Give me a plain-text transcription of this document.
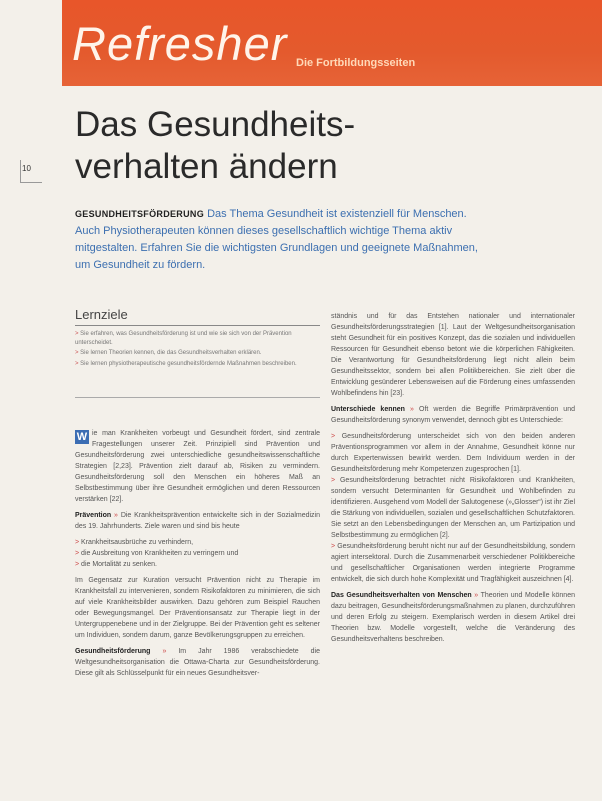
Refresher Die Fortbildungsseiten
10
Das Gesundheits-
verhalten ändern
GESUNDHEITSFÖRDERUNG Das Thema Gesundheit ist existenziell für Menschen. Auch Physiotherapeuten können dieses gesellschaftlich wichtige Thema aktiv mitgestalten. Erfahren Sie die wichtigsten Grundlagen und geeignete Maßnahmen, um Gesundheit zu fördern.
Lernziele
> Sie erfahren, was Gesundheitsförderung ist und wie sie sich von der Prävention unterscheidet.
> Sie lernen Theorien kennen, die das Gesundheitsverhalten erklären.
> Sie lernen physiotherapeutische gesundheitsfördernde Maßnahmen beschreiben.

W ie man Krankheiten vorbeugt und Gesundheit fördert, sind zentrale Fragestellungen unserer Zeit. Prinzipiell sind Prävention und Gesundheitsförderung zwei unterschiedliche gesundheitswissenschaftliche Strategien [2,23]. Prävention zielt darauf ab, Risiken zu vermindern. Gesundheitsförderung soll den Menschen ein höheres Maß an Selbstbestimmung über ihre Gesundheit ermöglichen und deren Ressourcen verstärken [22].

Prävention » Die Krankheitsprävention entwickelte sich in der Sozialmedizin des 19. Jahrhunderts. Ziele waren und sind bis heute

> Krankheitsausbrüche zu verhindern,
> die Ausbreitung von Krankheiten zu verringern und
> die Mortalität zu senken.

Im Gegensatz zur Kuration versucht Prävention nicht zu Therapie im Krankheitsfall zu intervenieren, sondern Risikofaktoren zu minimieren, die sich auf viele Krankheitsbilder auswirken. Dazu gehören zum Beispiel Rauchen oder Bewegungsmangel. Der Präventionsansatz zur Therapie liegt in der Untergruppenebene und in der Zielgruppe. Bei der Prävention geht es seltener um Individuen, sondern darum, ganze Bevölkerungsgruppen zu erreichen.

Gesundheitsförderung » Im Jahr 1986 verabschiedete die Weltgesundheitsorganisation die Ottawa-Charta zur Gesundheitsförderung. Diese gilt als Schlüsselpunkt für ein neues Gesundheitsver-

ständnis und für das Entstehen nationaler und internationaler Gesundheitsförderungsstrategien [1]. Laut der Weltgesundheitsorganisation steht Gesundheit für ein positives Konzept, das die sozialen und individuellen Ressourcen für Gesundheit ebenso betont wie die körperlichen Fähigkeiten. Die Verantwortung für Gesundheitsförderung liegt nicht allein beim Gesundheitssektor, sondern bei allen Politikbereichen. Sie zielt über die Entwicklung gesünderer Lebensweisen auf die Förderung eines umfassenden Wohlbefindens hin [23].

Unterschiede kennen » Oft werden die Begriffe Primärprävention und Gesundheitsförderung synonym verwendet, dennoch gibt es Unterschiede:

> Gesundheitsförderung unterscheidet sich von den beiden anderen Präventionsprogrammen vor allem in der Annahme, Gesundheit könne nur durch Expertenwissen bewirkt werden. Dem Individuum werden in der Gesundheitsförderung mehr Kompetenzen zugesprochen [1].
> Gesundheitsförderung betrachtet nicht Risikofaktoren und Krankheiten, sondern versucht Determinanten für Gesundheit und Wohlbefinden zu identifizieren. Ausgehend vom Modell der Salutogenese (»„Glosser“) ist ihr Ziel die Stärkung von individuellen, sozialen und gesellschaftlichen Schutzfaktoren. Sie setzt an den Lebensbedingungen der Menschen an, um Partizipation und Selbstbestimmung zu ermöglichen [2].
> Gesundheitsförderung beruht nicht nur auf der Gesundheitsbildung, sondern agiert intersektoral. Durch die Zusammenarbeit verschiedener Politikbereiche und gesellschaftlicher Organisationen werden integrierte Programme entwickelt, die sich durch hohe Komplexität und Tragfähigkeit auszeichnen [4].

Das Gesundheitsverhalten von Menschen » Theorien und Modelle können dazu beitragen, Gesundheitsförderungsmaßnahmen zu planen, durchzuführen und deren Erfolg zu steigern. Exemplarisch werden in diesem Artikel drei Theorien bzw. Modelle vorgestellt, welche die Veränderung des Gesundheitsverhaltens beschreiben.
